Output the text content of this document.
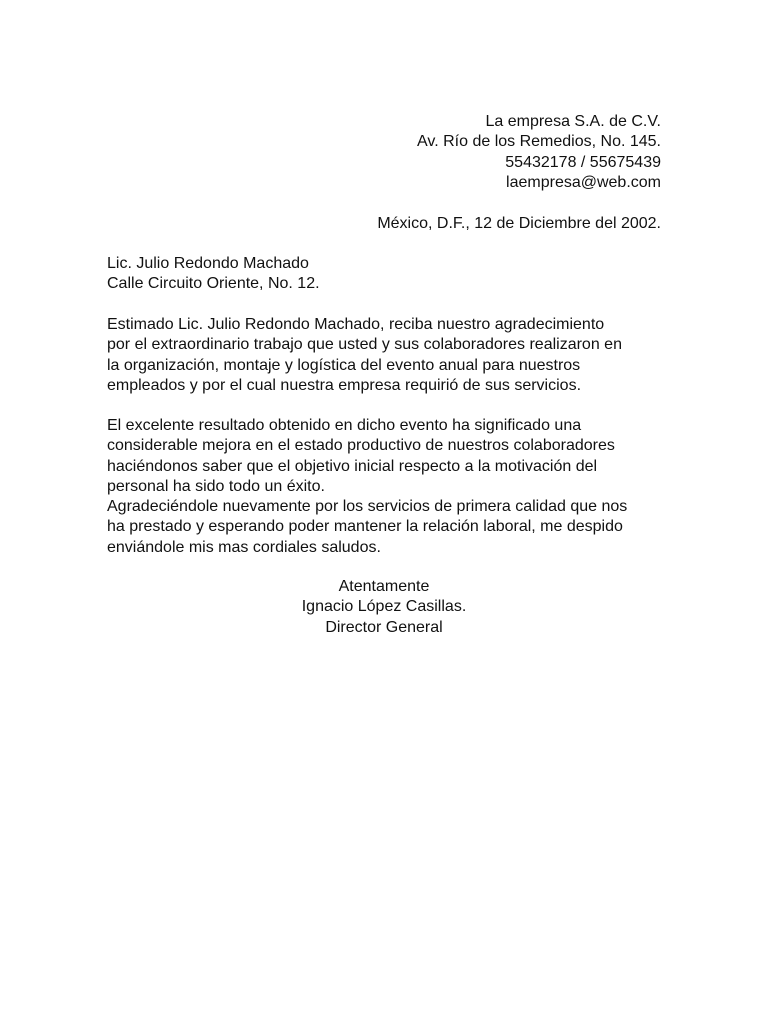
La empresa S.A. de C.V.
Av. Río de los Remedios, No. 145.
55432178 / 55675439
laempresa@web.com
México, D.F., 12 de Diciembre del 2002.
Lic. Julio Redondo Machado
Calle Circuito Oriente, No. 12.
Estimado Lic. Julio Redondo Machado, reciba nuestro agradecimiento
por el extraordinario trabajo que usted y sus colaboradores realizaron en
la organización, montaje y logística del evento anual para nuestros
empleados y por el cual nuestra empresa requirió de sus servicios.
El excelente resultado obtenido en dicho evento ha significado una
considerable mejora en el estado productivo de nuestros colaboradores
haciéndonos saber que el objetivo inicial respecto a la motivación del
personal ha sido todo un éxito.
Agradeciéndole nuevamente por los servicios de primera calidad que nos
ha prestado y esperando poder mantener la relación laboral, me despido
enviándole mis mas cordiales saludos.
Atentamente
Ignacio López Casillas.
Director General
